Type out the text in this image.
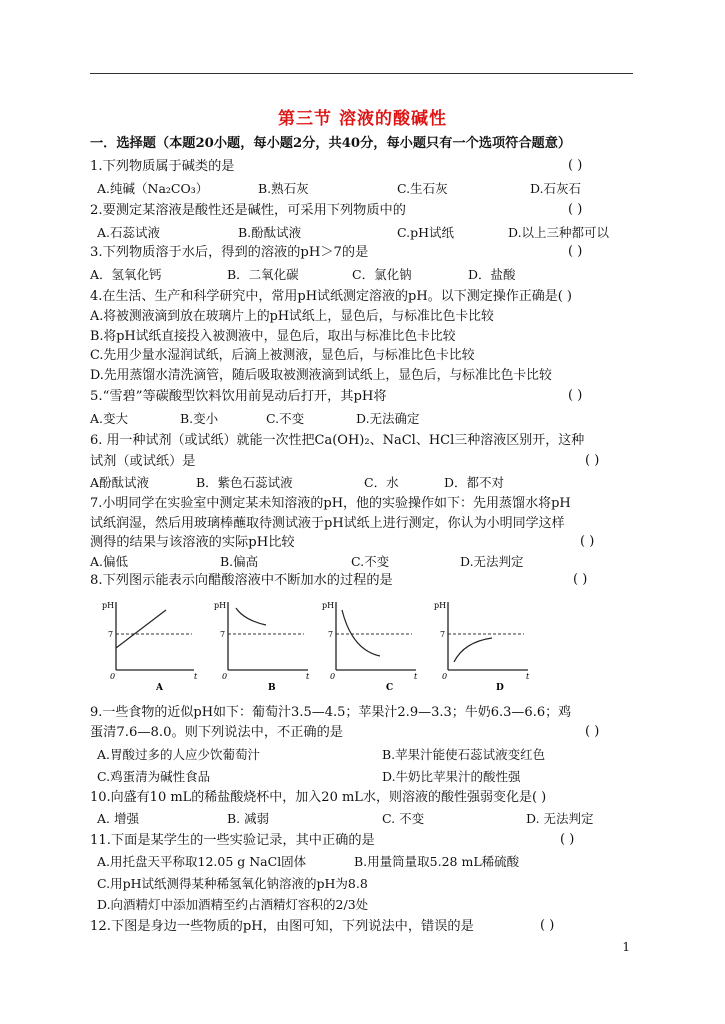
第三节 溶液的酸碱性
一．选择题（本题20小题，每小题2分，共40分，每小题只有一个选项符合题意）
1.下列物质属于碱类的是	( )
A.纯碱（Na₂CO₃）	B.熟石灰	C.生石灰	D.石灰石
2.要测定某溶液是酸性还是碱性，可采用下列物质中的	( )
A.石蕊试液	B.酚酞试液	C.pH试纸	D.以上三种都可以
3.下列物质溶于水后，得到的溶液的pH＞7的是	( )
A．氢氧化钙	B．二氧化碳	C．氯化钠	D．盐酸
4.在生活、生产和科学研究中，常用pH试纸测定溶液的pH。以下测定操作正确是( )
A.将被测液滴到放在玻璃片上的pH试纸上，显色后，与标准比色卡比较
B.将pH试纸直接投入被测液中，显色后，取出与标准比色卡比较
C.先用少量水湿润试纸，后滴上被测液，显色后，与标准比色卡比较
D.先用蒸馏水清洗滴管，随后吸取被测液滴到试纸上，显色后，与标准比色卡比较
5.“雪碧”等碳酸型饮料饮用前晃动后打开，其pH将	( )
A.变大	B.变小	C.不变	D.无法确定
6. 用一种试剂（或试纸）就能一次性把Ca(OH)₂、NaCl、HCl三种溶液区别开，这种
试剂（或试纸）是	( )
A酚酞试液	B．紫色石蕊试液	C．水	D．都不对
7.小明同学在实验室中测定某未知溶液的pH，他的实验操作如下：先用蒸馏水将pH
试纸润湿，然后用玻璃棒蘸取待测试液于pH试纸上进行测定，你认为小明同学这样
测得的结果与该溶液的实际pH比较	( )
A.偏低	B.偏高	C.不变	D.无法判定
8.下列图示能表示向醋酸溶液中不断加水的过程的是	( )
pH
7
0	t
A
pH
7
0	t
B
pH
7
0	t
C
pH
7
0	t
D
9.一些食物的近似pH如下：葡萄汁3.5—4.5；苹果汁2.9—3.3；牛奶6.3—6.6；鸡
蛋清7.6—8.0。则下列说法中，不正确的是	( )
A.胃酸过多的人应少饮葡萄汁	B.苹果汁能使石蕊试液变红色
C.鸡蛋清为碱性食品	D.牛奶比苹果汁的酸性强
10.向盛有10 mL的稀盐酸烧杯中，加入20 mL水，则溶液的酸性强弱变化是( )
A. 增强	B. 减弱	C. 不变	D. 无法判定
11.下面是某学生的一些实验记录，其中正确的是	( )
A.用托盘天平称取12.05 g NaCl固体	B.用量筒量取5.28 mL稀硫酸
C.用pH试纸测得某种稀氢氧化钠溶液的pH为8.8
D.向酒精灯中添加酒精至约占酒精灯容积的2/3处
12.下图是身边一些物质的pH，由图可知，下列说法中，错误的是	( )
1
